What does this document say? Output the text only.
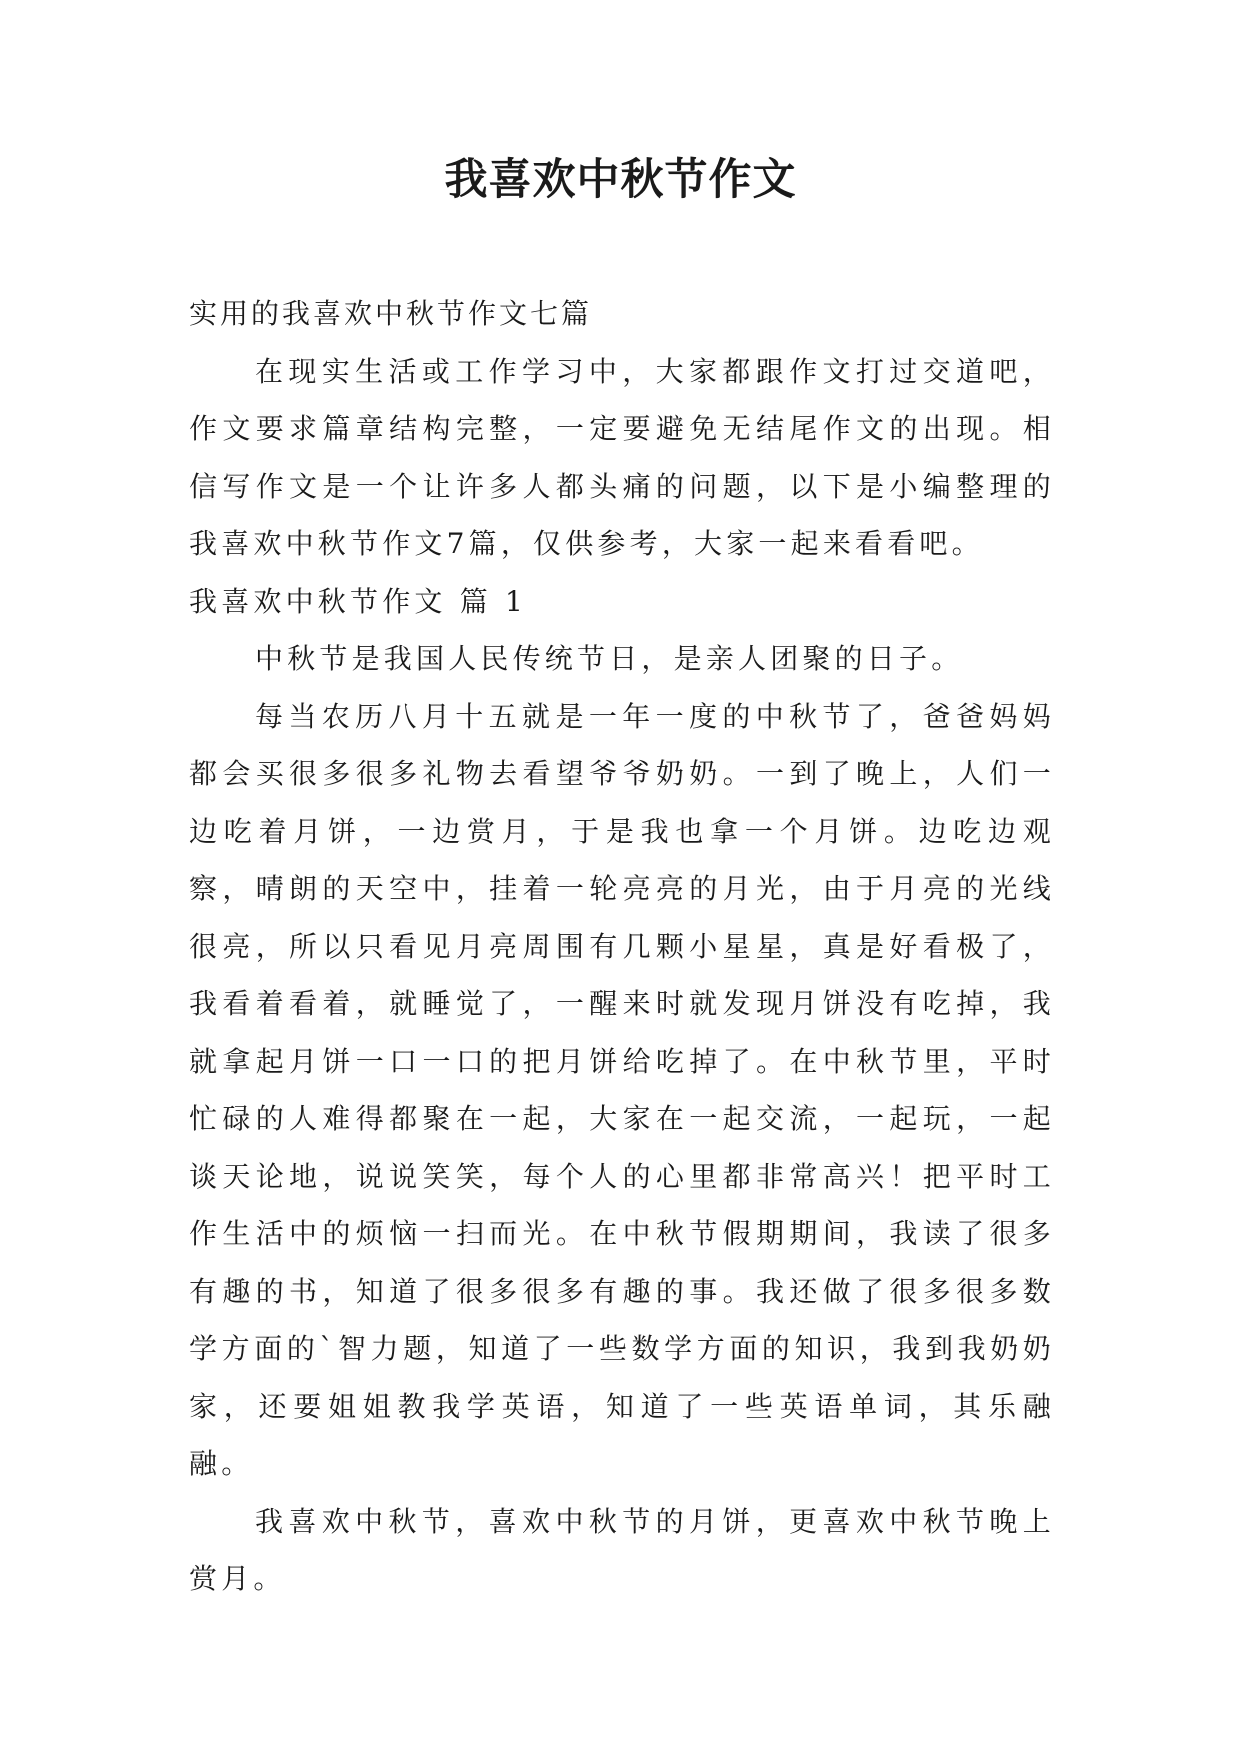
我喜欢中秋节作文

实用的我喜欢中秋节作文七篇

在现实生活或工作学习中，大家都跟作文打过交道吧，作文要求篇章结构完整，一定要避免无结尾作文的出现。相信写作文是一个让许多人都头痛的问题，以下是小编整理的我喜欢中秋节作文7篇，仅供参考，大家一起来看看吧。

我喜欢中秋节作文 篇 1

中秋节是我国人民传统节日，是亲人团聚的日子。

每当农历八月十五就是一年一度的中秋节了，爸爸妈妈都会买很多很多礼物去看望爷爷奶奶。一到了晚上，人们一边吃着月饼，一边赏月，于是我也拿一个月饼。边吃边观察，晴朗的天空中，挂着一轮亮亮的月光，由于月亮的光线很亮，所以只看见月亮周围有几颗小星星，真是好看极了，我看着看着，就睡觉了，一醒来时就发现月饼没有吃掉，我就拿起月饼一口一口的把月饼给吃掉了。在中秋节里，平时忙碌的人难得都聚在一起，大家在一起交流，一起玩，一起谈天论地，说说笑笑，每个人的心里都非常高兴！把平时工作生活中的烦恼一扫而光。在中秋节假期期间，我读了很多有趣的书，知道了很多很多有趣的事。我还做了很多很多数学方面的`智力题，知道了一些数学方面的知识，我到我奶奶家，还要姐姐教我学英语，知道了一些英语单词，其乐融融。

我喜欢中秋节，喜欢中秋节的月饼，更喜欢中秋节晚上赏月。
